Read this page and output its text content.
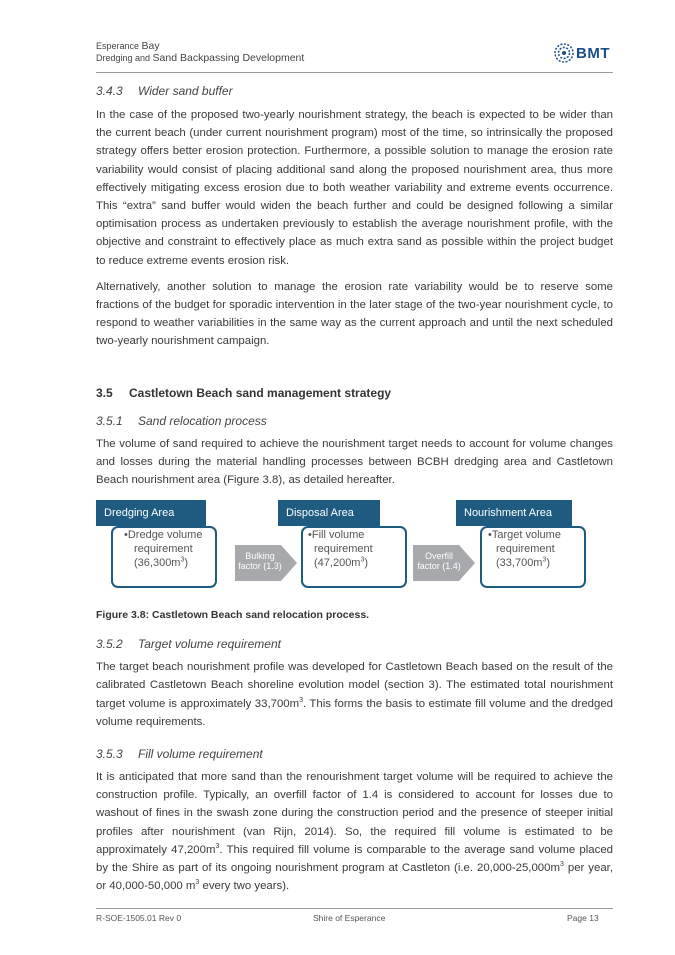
Esperance Bay
Dredging and Sand Backpassing Development	BMT
3.4.3 Wider sand buffer

In the case of the proposed two-yearly nourishment strategy, the beach is expected to be wider than the current beach (under current nourishment program) most of the time, so intrinsically the proposed strategy offers better erosion protection. Furthermore, a possible solution to manage the erosion rate variability would consist of placing additional sand along the proposed nourishment area, thus more effectively mitigating excess erosion due to both weather variability and extreme events occurrence. This “extra” sand buffer would widen the beach further and could be designed following a similar optimisation process as undertaken previously to establish the average nourishment profile, with the objective and constraint to effectively place as much extra sand as possible within the project budget to reduce extreme events erosion risk.

Alternatively, another solution to manage the erosion rate variability would be to reserve some fractions of the budget for sporadic intervention in the later stage of the two-year nourishment cycle, to respond to weather variabilities in the same way as the current approach and until the next scheduled two-yearly nourishment campaign.

3.5 Castletown Beach sand management strategy
3.5.1 Sand relocation process

The volume of sand required to achieve the nourishment target needs to account for volume changes and losses during the material handling processes between BCBH dredging area and Castletown Beach nourishment area (Figure 3.8), as detailed hereafter.

Dredging Area
•Dredge volume
requirement
$(36,300m^3)$
Bulking
factor (1.3)
Disposal Area
•Fill volume
requirement
$(47,200m^3)$
Overfill
factor (1.4)
Nourishment Area
•Target volume
requirement
$(33,700m^3)$
Figure 3.8: Castletown Beach sand relocation process.
3.5.2 Target volume requirement

The target beach nourishment profile was developed for Castletown Beach based on the result of the calibrated Castletown Beach shoreline evolution model (section 3). The estimated total nourishment target volume is approximately $33,700m^3$. This forms the basis to estimate fill volume and the dredged volume requirements.

3.5.3 Fill volume requirement

It is anticipated that more sand than the renourishment target volume will be required to achieve the construction profile. Typically, an overfill factor of 1.4 is considered to account for losses due to washout of fines in the swash zone during the construction period and the presence of steeper initial profiles after nourishment (van Rijn, 2014). So, the required fill volume is estimated to be approximately $47,200m^3$. This required fill volume is comparable to the average sand volume placed by the Shire as part of its ongoing nourishment program at Castleton (i.e. $20,000-25,000m^3$ per year, or 40,000-50,000 $m^3$ every two years).

R-SOE-1505.01 Rev 0	Shire of Esperance	Page 13
